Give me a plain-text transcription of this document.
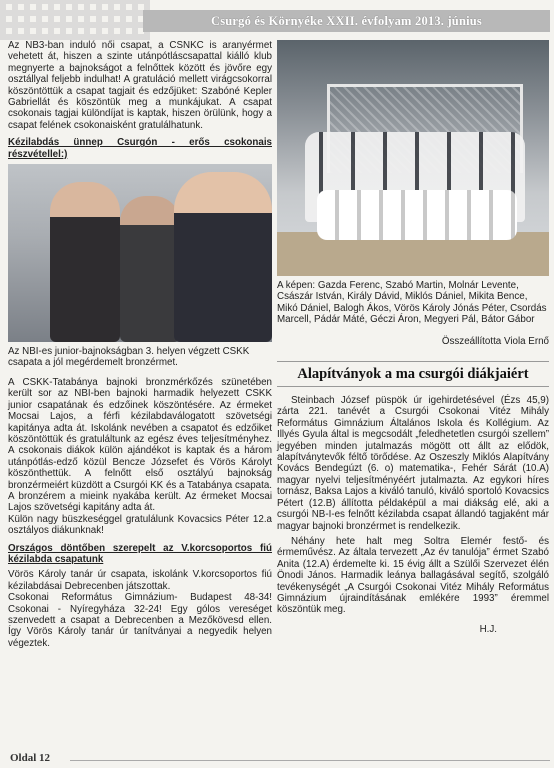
Csurgó és Környéke XXII. évfolyam 2013. június

Az NB3-ban induló női csapat, a CSNKC is aranyérmet vehetett át, hiszen a szinte utánpótláscsapattal kiálló klub megnyerte a bajnokságot a felnőttek között és jövőre egy osztállyal feljebb indulhat! A gratuláció mellett virágcsokorral köszöntöttük a csapat tagjait és edzőjüket: Szabóné Kepler Gabriellát és köszöntük meg a munkájukat. A csapat csokonais tagjai különdíjat is kaptak, hiszen örülünk, hogy a csapat felének csokonaisként gratulálhatunk.

Kézilabdás ünnep Csurgón - erős csokonais részvétellel:)

Az NBI-es junior-bajnokságban 3. helyen végzett CSKK csapata a jól megérdemelt bronzérmet.

A CSKK-Tatabánya bajnoki bronzmérkőzés szünetében került sor az NBI-ben bajnoki harmadik helyezett CSKK junior csapatának és edzőinek köszöntésére. Az érmeket Mocsai Lajos, a férfi kézilabdaválogatott szövetségi kapitánya adta át. Iskolánk nevében a csapatot és edzőiket köszöntöttük és gratuláltunk az egész éves teljesítményhez. A csokonais diákok külön ajándékot is kaptak és a három utánpótlás-edző közül Bencze Józsefet és Vörös Károlyt köszönthettük. A felnőtt első osztályú bajnokság bronzérmeiért küzdött a Csurgói KK és a Tatabánya csapata. A bronzérem a mieink nyakába került. Az érmeket Mocsai Lajos szövetségi kapitány adta át.

Külön nagy büszkeséggel gratulálunk Kovacsics Péter 12.a osztályos diákunknak!

Országos döntőben szerepelt az V.korcsoportos fiú kézilabda csapatunk

Vörös Károly tanár úr csapata, iskolánk V.korcsoportos fiú kézilabdásai Debrecenben játszottak.

Csokonai Református Gimnázium- Budapest 48-34! Csokonai - Nyíregyháza 32-24! Egy gólos vereséget szenvedett a csapat a Debrecenben a Mezőkövesd ellen. Így Vörös Károly tanár úr tanítványai a negyedik helyen végeztek.

A képen: Gazda Ferenc, Szabó Martin, Molnár Levente, Császár István, Király Dávid, Miklós Dániel, Mikita Bence, Mikó Dániel, Balogh Ákos, Vörös Károly Jónás Péter, Csordás Marcell, Pádár Máté, Géczi Áron, Megyeri Pál, Bátor Gábor

Összeállította Viola Ernő
Alapítványok a ma csurgói diákjaiért

Steinbach József püspök úr igehirdetésével (Ézs 45,9) zárta 221. tanévét a Csurgói Csokonai Vitéz Mihály Református Gimnázium Általános Iskola és Kollégium. Az Illyés Gyula által is megcsodált „feledhetetlen csurgói szellem” jegyében minden jutalmazás mögött ott állt az elődök, alapítványtevők féltő törődése. Az Oszeszly Miklós Alapítvány Kovács Bendegúzt (6. o) matematika-, Fehér Sárát (10.A) magyar nyelvi teljesítményéért jutalmazta. Az egykori híres tornász, Baksa Lajos a kiváló tanuló, kiváló sportoló Kovacsics Pétert (12.B) állította példaképül a mai diákság elé, aki a csurgói NB-I-es felnőtt kézilabda csapat állandó tagjaként már magyar bajnoki bronzérmet is rendelkezik.

Néhány hete halt meg Soltra Elemér festő- és érmeművész. Az általa tervezett „Az év tanulója” érmet Szabó Anita (12.A) érdemelte ki. 15 évig állt a Szülői Szervezet élén Önodi János. Harmadik leánya ballagásával segítő, szolgáló tevékenységét „A Csurgói Csokonai Vitéz Mihály Református Gimnázium újraindításának emlékére 1993” éremmel köszöntük meg.

H.J.
Oldal 12
